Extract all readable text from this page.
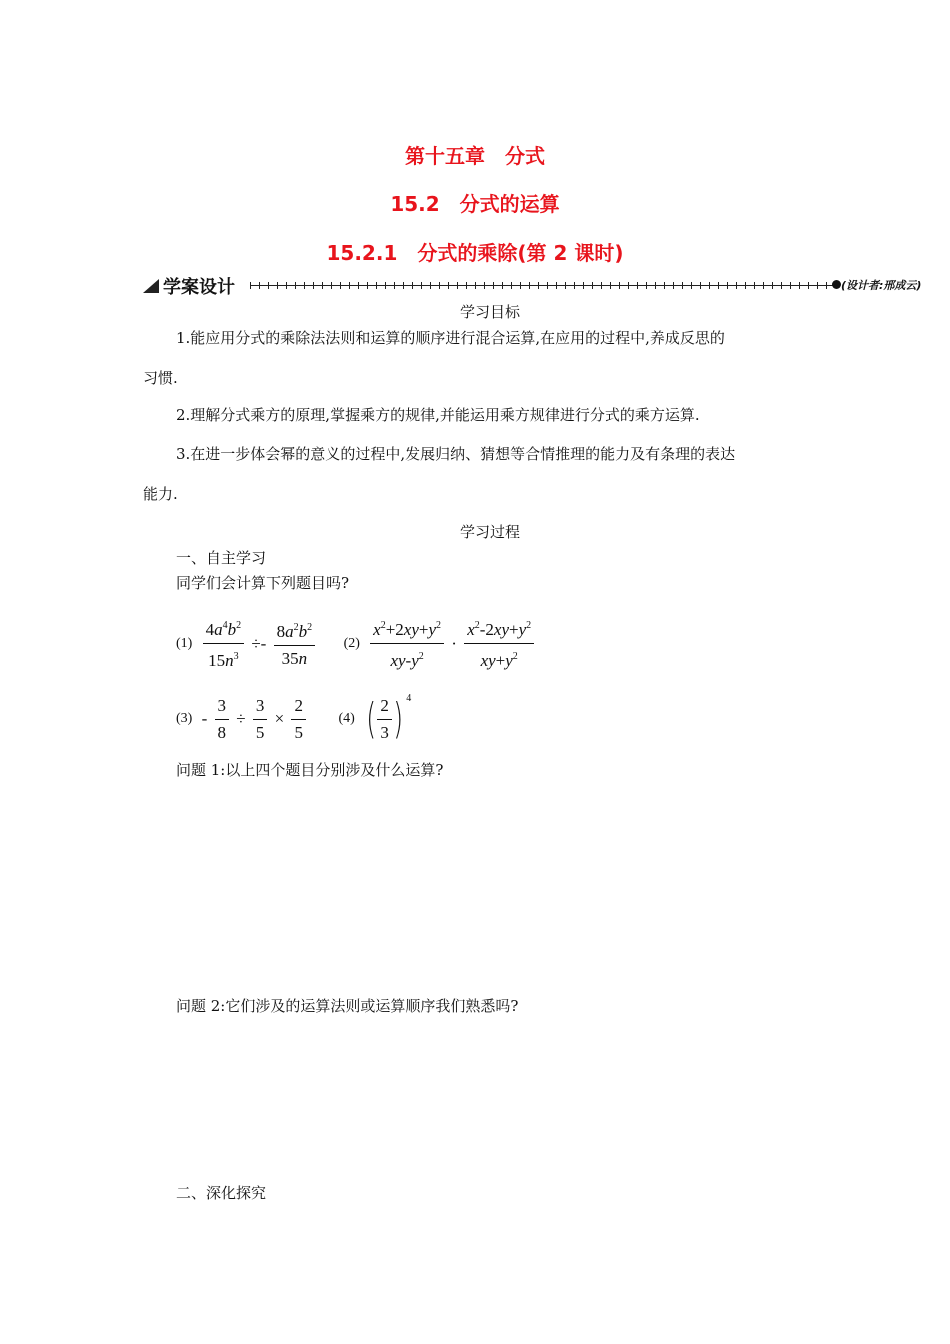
第十五章　分式
15.2　分式的运算
15.2.1　分式的乘除(第 2 课时)
学案设计	(设计者:邢成云)
学习目标
1.能应用分式的乘除法法则和运算的顺序进行混合运算,在应用的过程中,养成反思的
习惯.
2.理解分式乘方的原理,掌握乘方的规律,并能运用乘方规律进行分式的乘方运算.
3.在进一步体会幂的意义的过程中,发展归纳、猜想等合情推理的能力及有条理的表达
能力.
学习过程
一、自主学习
同学们会计算下列题目吗?
$(1) \frac{4a^4b^2}{15n^3} \div- \frac{8a^2b^2}{35n} (2) \frac{x^2+2xy+y^2}{xy-y^2} \cdot \frac{x^2-2xy+y^2}{xy+y^2}$
$(3) - \frac{3}{8} \div \frac{3}{5} \times \frac{2}{5} (4)$ ( $\frac{2}{3}$ ) $^4$
问题 1:以上四个题目分别涉及什么运算?
问题 2:它们涉及的运算法则或运算顺序我们熟悉吗?
二、深化探究
